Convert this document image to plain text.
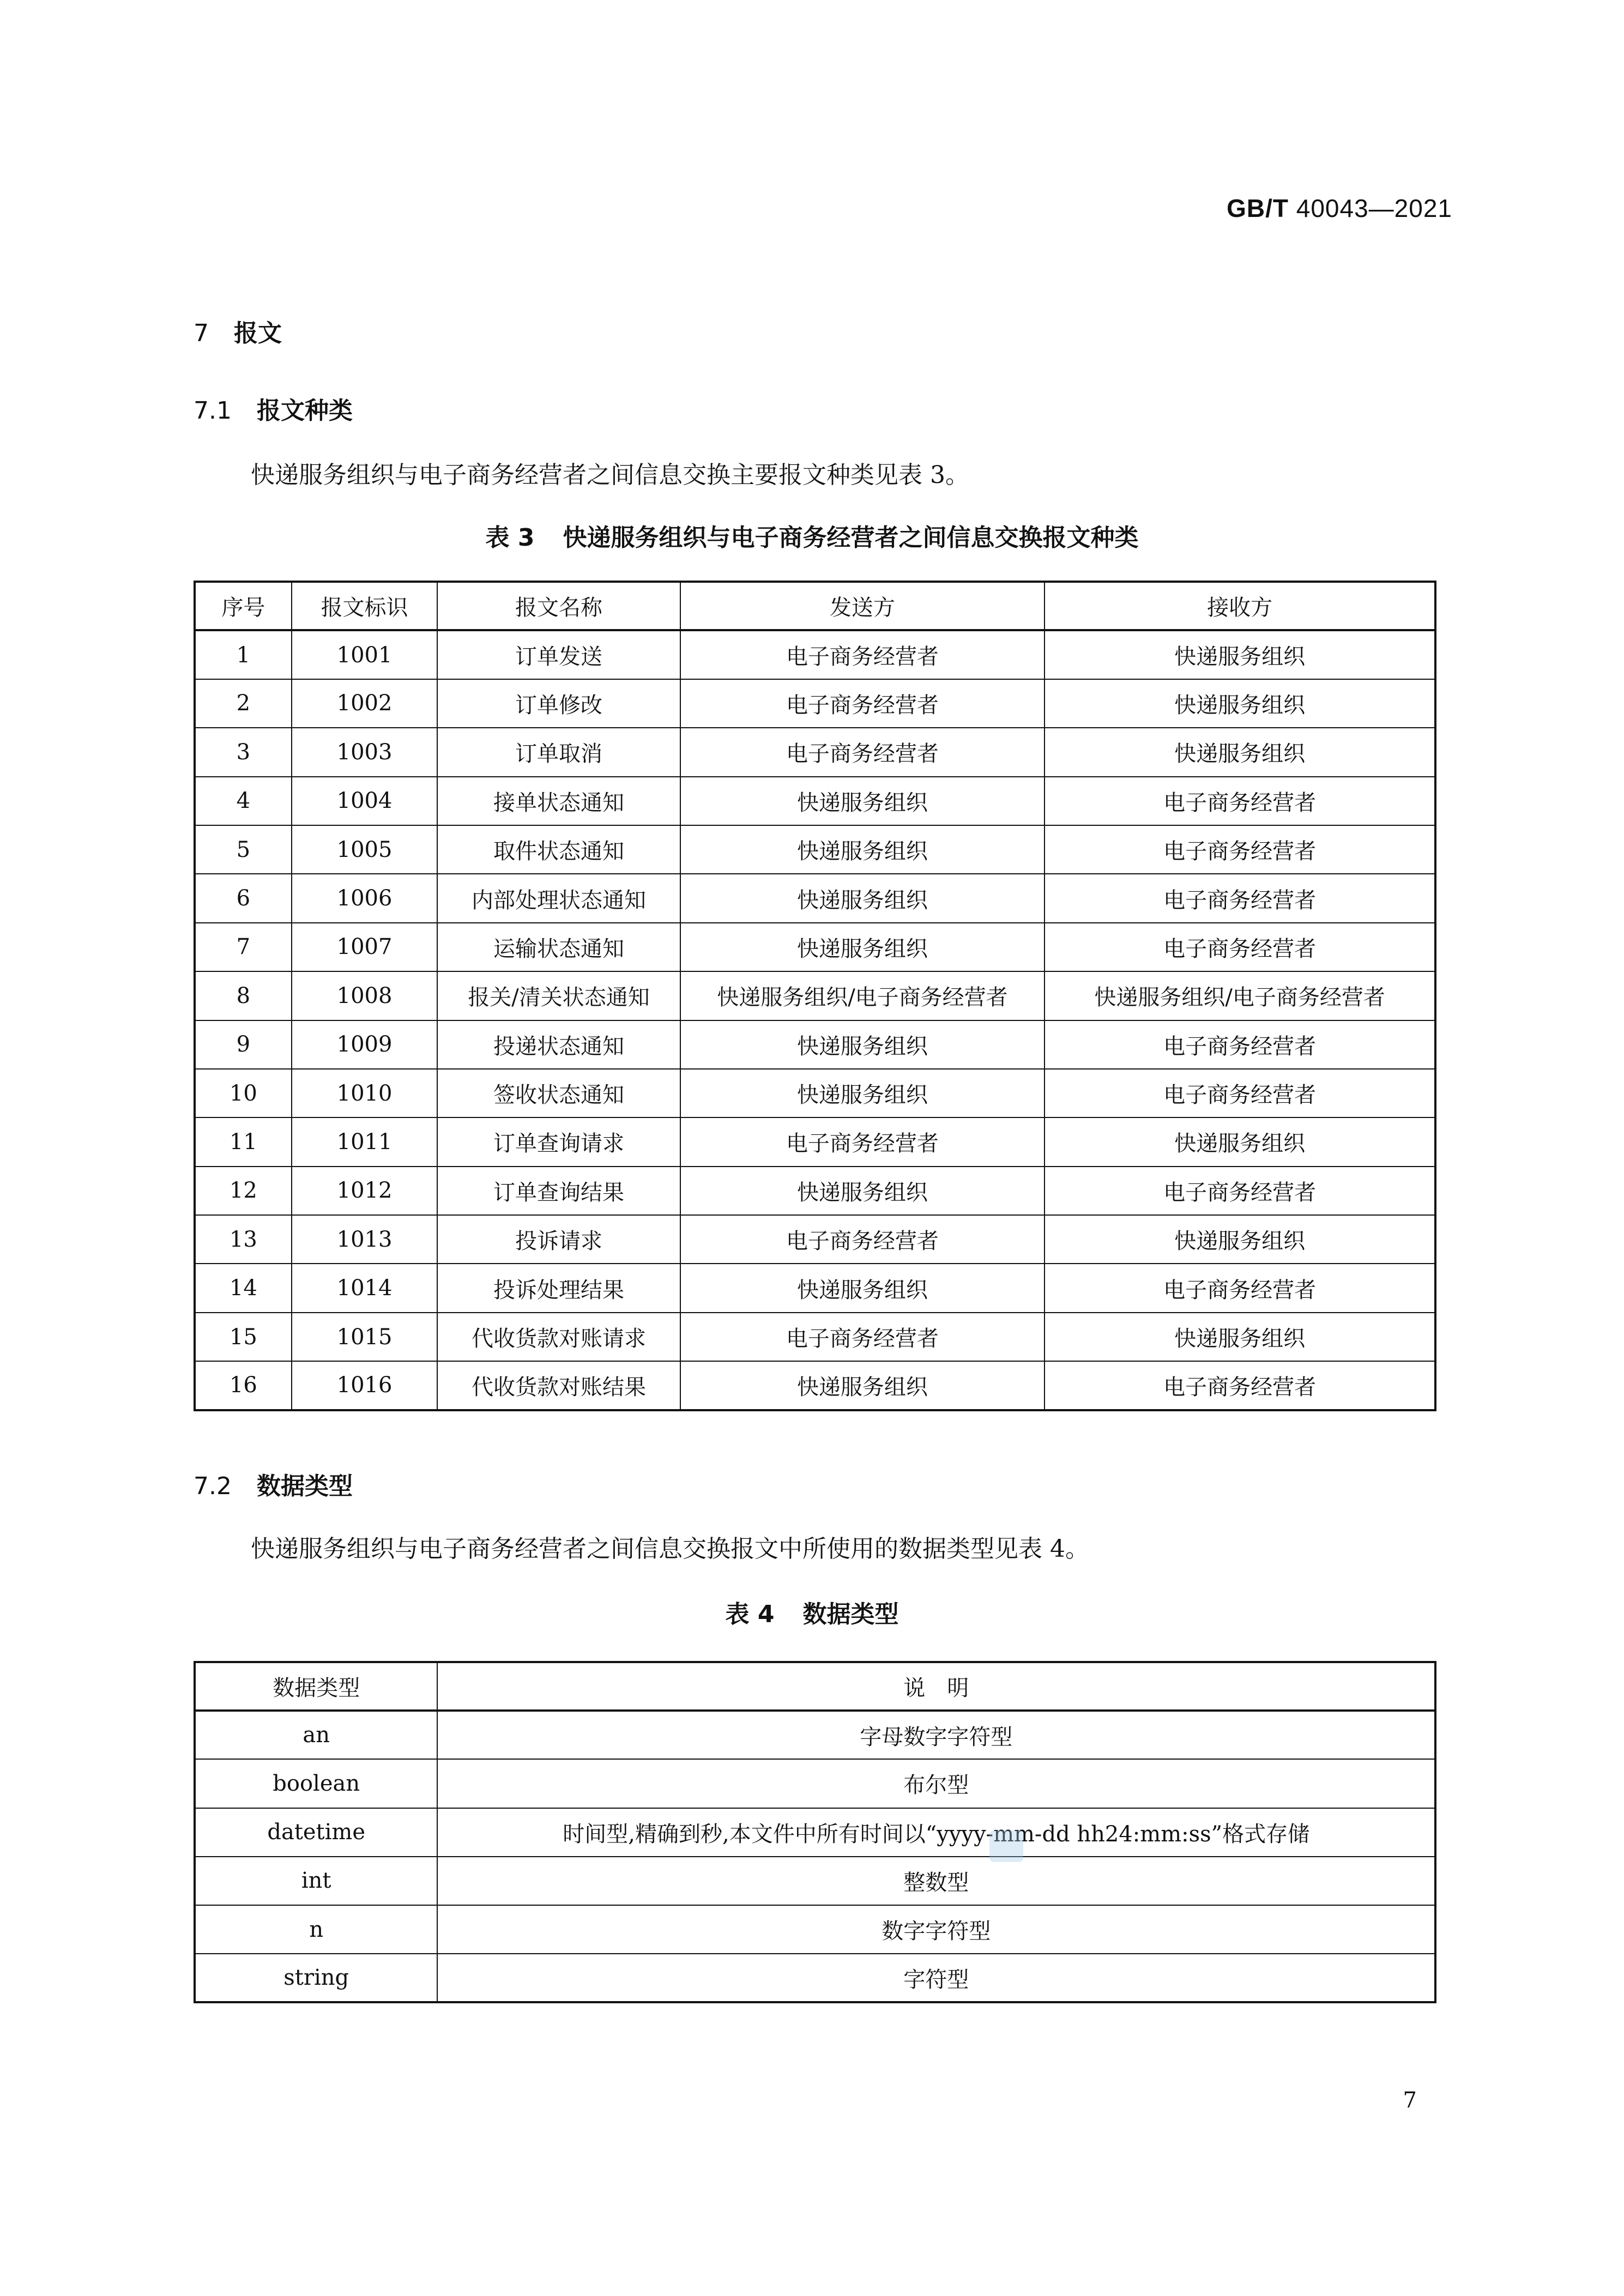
GB/T 40043—2021
7 报文
7.1 报文种类
快递服务组织与电子商务经营者之间信息交换主要报文种类见表 3。
表 3 快递服务组织与电子商务经营者之间信息交换报文种类
序号	报文标识	报文名称	发送方	接收方
1	1001	订单发送	电子商务经营者	快递服务组织
2	1002	订单修改	电子商务经营者	快递服务组织
3	1003	订单取消	电子商务经营者	快递服务组织
4	1004	接单状态通知	快递服务组织	电子商务经营者
5	1005	取件状态通知	快递服务组织	电子商务经营者
6	1006	内部处理状态通知	快递服务组织	电子商务经营者
7	1007	运输状态通知	快递服务组织	电子商务经营者
8	1008	报关/清关状态通知	快递服务组织/电子商务经营者	快递服务组织/电子商务经营者
9	1009	投递状态通知	快递服务组织	电子商务经营者
10	1010	签收状态通知	快递服务组织	电子商务经营者
11	1011	订单查询请求	电子商务经营者	快递服务组织
12	1012	订单查询结果	快递服务组织	电子商务经营者
13	1013	投诉请求	电子商务经营者	快递服务组织
14	1014	投诉处理结果	快递服务组织	电子商务经营者
15	1015	代收货款对账请求	电子商务经营者	快递服务组织
16	1016	代收货款对账结果	快递服务组织	电子商务经营者
7.2 数据类型
快递服务组织与电子商务经营者之间信息交换报文中所使用的数据类型见表 4。
表 4 数据类型
数据类型	说　明
an	字母数字字符型
boolean	布尔型
datetime	时间型,精确到秒,本文件中所有时间以“yyyy-mm-dd hh24:mm:ss”格式存储
int	整数型
n	数字字符型
string	字符型
7
